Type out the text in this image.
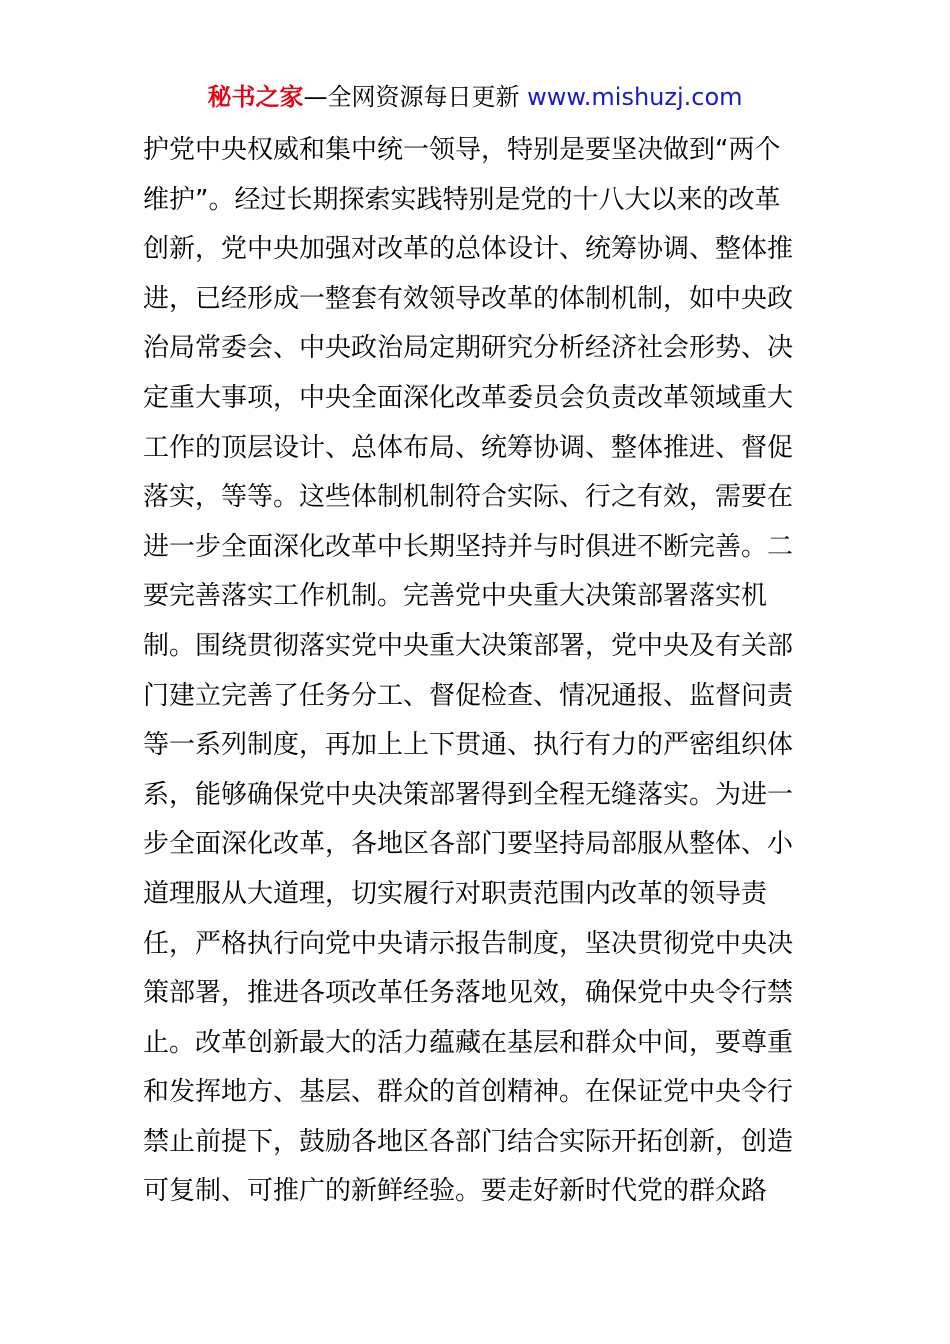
秘书之家—全网资源每日更新 www.mishuzj.com
护党中央权威和集中统一领导，特别是要坚决做到“两个
维护”。经过长期探索实践特别是党的十八大以来的改革
创新，党中央加强对改革的总体设计、统筹协调、整体推
进，已经形成一整套有效领导改革的体制机制，如中央政
治局常委会、中央政治局定期研究分析经济社会形势、决
定重大事项，中央全面深化改革委员会负责改革领域重大
工作的顶层设计、总体布局、统筹协调、整体推进、督促
落实，等等。这些体制机制符合实际、行之有效，需要在
进一步全面深化改革中长期坚持并与时俱进不断完善。二
要完善落实工作机制。完善党中央重大决策部署落实机
制。围绕贯彻落实党中央重大决策部署，党中央及有关部
门建立完善了任务分工、督促检查、情况通报、监督问责
等一系列制度，再加上上下贯通、执行有力的严密组织体
系，能够确保党中央决策部署得到全程无缝落实。为进一
步全面深化改革，各地区各部门要坚持局部服从整体、小
道理服从大道理，切实履行对职责范围内改革的领导责
任，严格执行向党中央请示报告制度，坚决贯彻党中央决
策部署，推进各项改革任务落地见效，确保党中央令行禁
止。改革创新最大的活力蕴藏在基层和群众中间，要尊重
和发挥地方、基层、群众的首创精神。在保证党中央令行
禁止前提下，鼓励各地区各部门结合实际开拓创新，创造
可复制、可推广的新鲜经验。要走好新时代党的群众路
